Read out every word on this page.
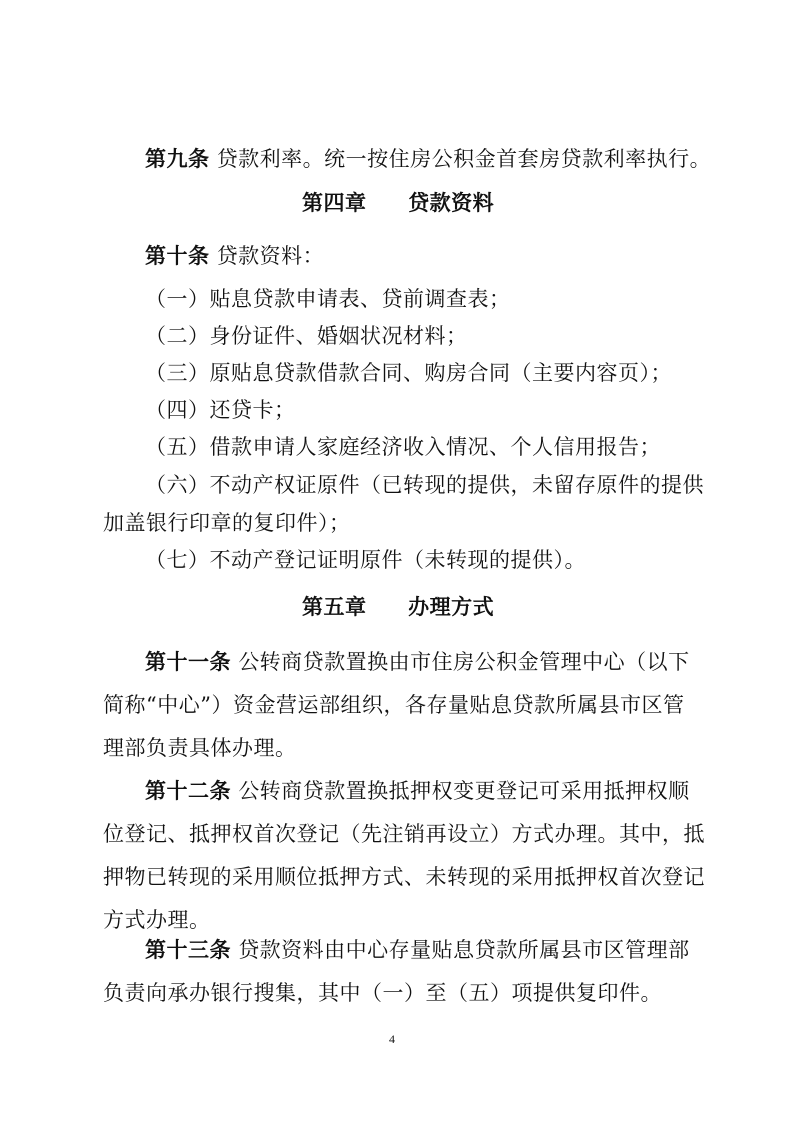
第九条 贷款利率。统一按住房公积金首套房贷款利率执行。
第四章 贷款资料
第十条 贷款资料：
（一）贴息贷款申请表、贷前调查表；
（二）身份证件、婚姻状况材料；
（三）原贴息贷款借款合同、购房合同（主要内容页）；
（四）还贷卡；
（五）借款申请人家庭经济收入情况、个人信用报告；
（六）不动产权证原件（已转现的提供，未留存原件的提供
加盖银行印章的复印件）；
（七）不动产登记证明原件（未转现的提供）。
第五章 办理方式
第十一条 公转商贷款置换由市住房公积金管理中心（以下
简称“中心”）资金营运部组织，各存量贴息贷款所属县市区管
理部负责具体办理。
第十二条 公转商贷款置换抵押权变更登记可采用抵押权顺
位登记、抵押权首次登记（先注销再设立）方式办理。其中，抵
押物已转现的采用顺位抵押方式、未转现的采用抵押权首次登记
方式办理。
第十三条 贷款资料由中心存量贴息贷款所属县市区管理部
负责向承办银行搜集，其中（一）至（五）项提供复印件。
4
